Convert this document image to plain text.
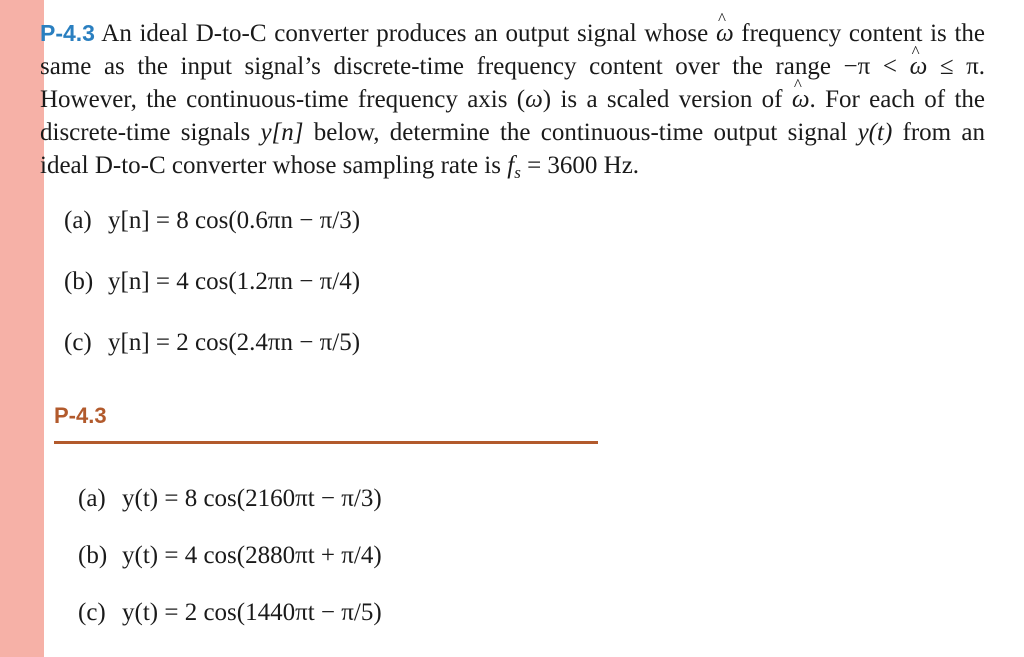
P-4.3 An ideal D-to-C converter produces an output signal whose ω ^ frequency content is the same as the input signal’s discrete-time frequency content over the range −π < ω ^ ≤ π. However, the continuous-time frequency axis (ω) is a scaled version of ω ^. For each of the discrete-time signals y[n] below, determine the continuous-time output signal y(t) from an ideal D-to-C converter whose sampling rate is $f_s = 3600$ Hz.
(a) y[n] = 8 cos(0.6πn − π/3)
(b) y[n] = 4 cos(1.2πn − π/4)
(c) y[n] = 2 cos(2.4πn − π/5)
P-4.3
(a) y(t) = 8 cos(2160πt − π/3)
(b) y(t) = 4 cos(2880πt + π/4)
(c) y(t) = 2 cos(1440πt − π/5)
